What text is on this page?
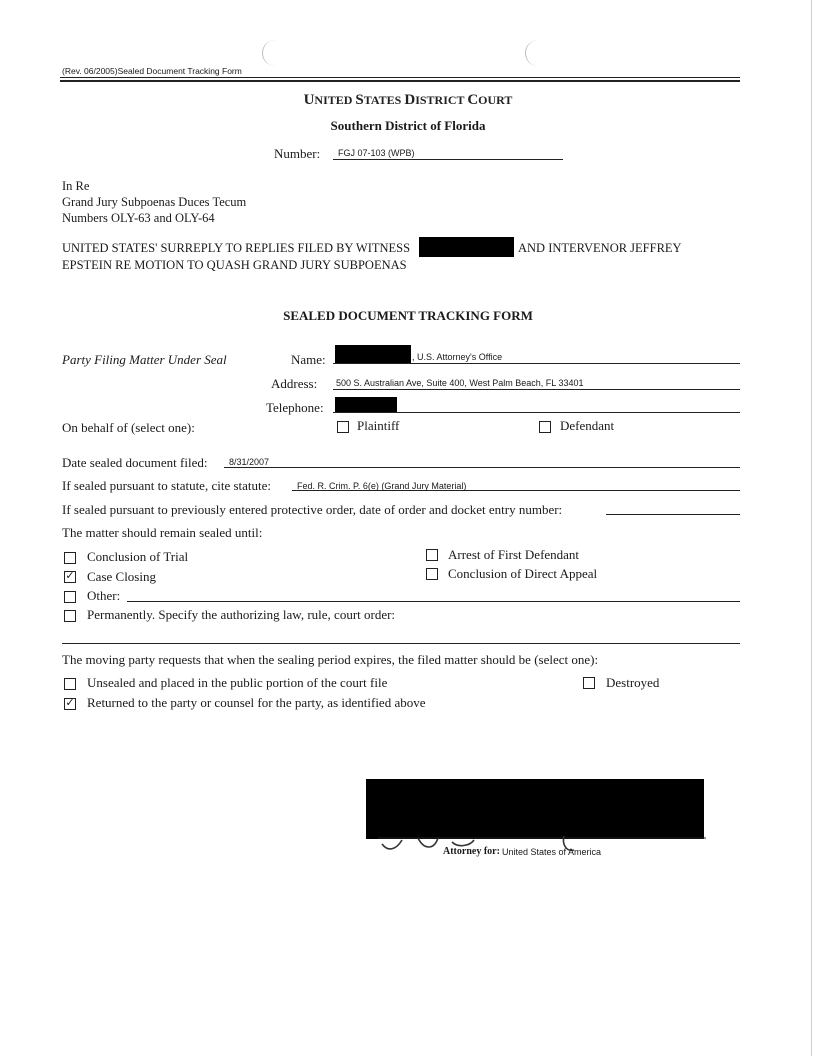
(Rev. 06/2005)Sealed Document Tracking Form
UNITED STATES DISTRICT COURT
Southern District of Florida
Number: FGJ 07-103 (WPB)
In Re
Grand Jury Subpoenas Duces Tecum
Numbers OLY-63 and OLY-64
UNITED STATES' SURREPLY TO REPLIES FILED BY WITNESS	AND INTERVENOR JEFFREY
EPSTEIN RE MOTION TO QUASH GRAND JURY SUBPOENAS
SEALED DOCUMENT TRACKING FORM
Party Filing Matter Under Seal	Name:	, U.S. Attorney's Office
Address: 500 S. Australian Ave, Suite 400, West Palm Beach, FL 33401
Telephone:
On behalf of (select one):	Plaintiff	Defendant
Date sealed document filed: 8/31/2007
If sealed pursuant to statute, cite statute:	Fed. R. Crim. P. 6(e) (Grand Jury Material)
If sealed pursuant to previously entered protective order, date of order and docket entry number:
The matter should remain sealed until:
Conclusion of Trial	Arrest of First Defendant
✓ Case Closing	Conclusion of Direct Appeal
Other:
Permanently. Specify the authorizing law, rule, court order:
The moving party requests that when the sealing period expires, the filed matter should be (select one):
Unsealed and placed in the public portion of the court file	Destroyed
✓ Returned to the party or counsel for the party, as identified above
Attorney for: United States of America
